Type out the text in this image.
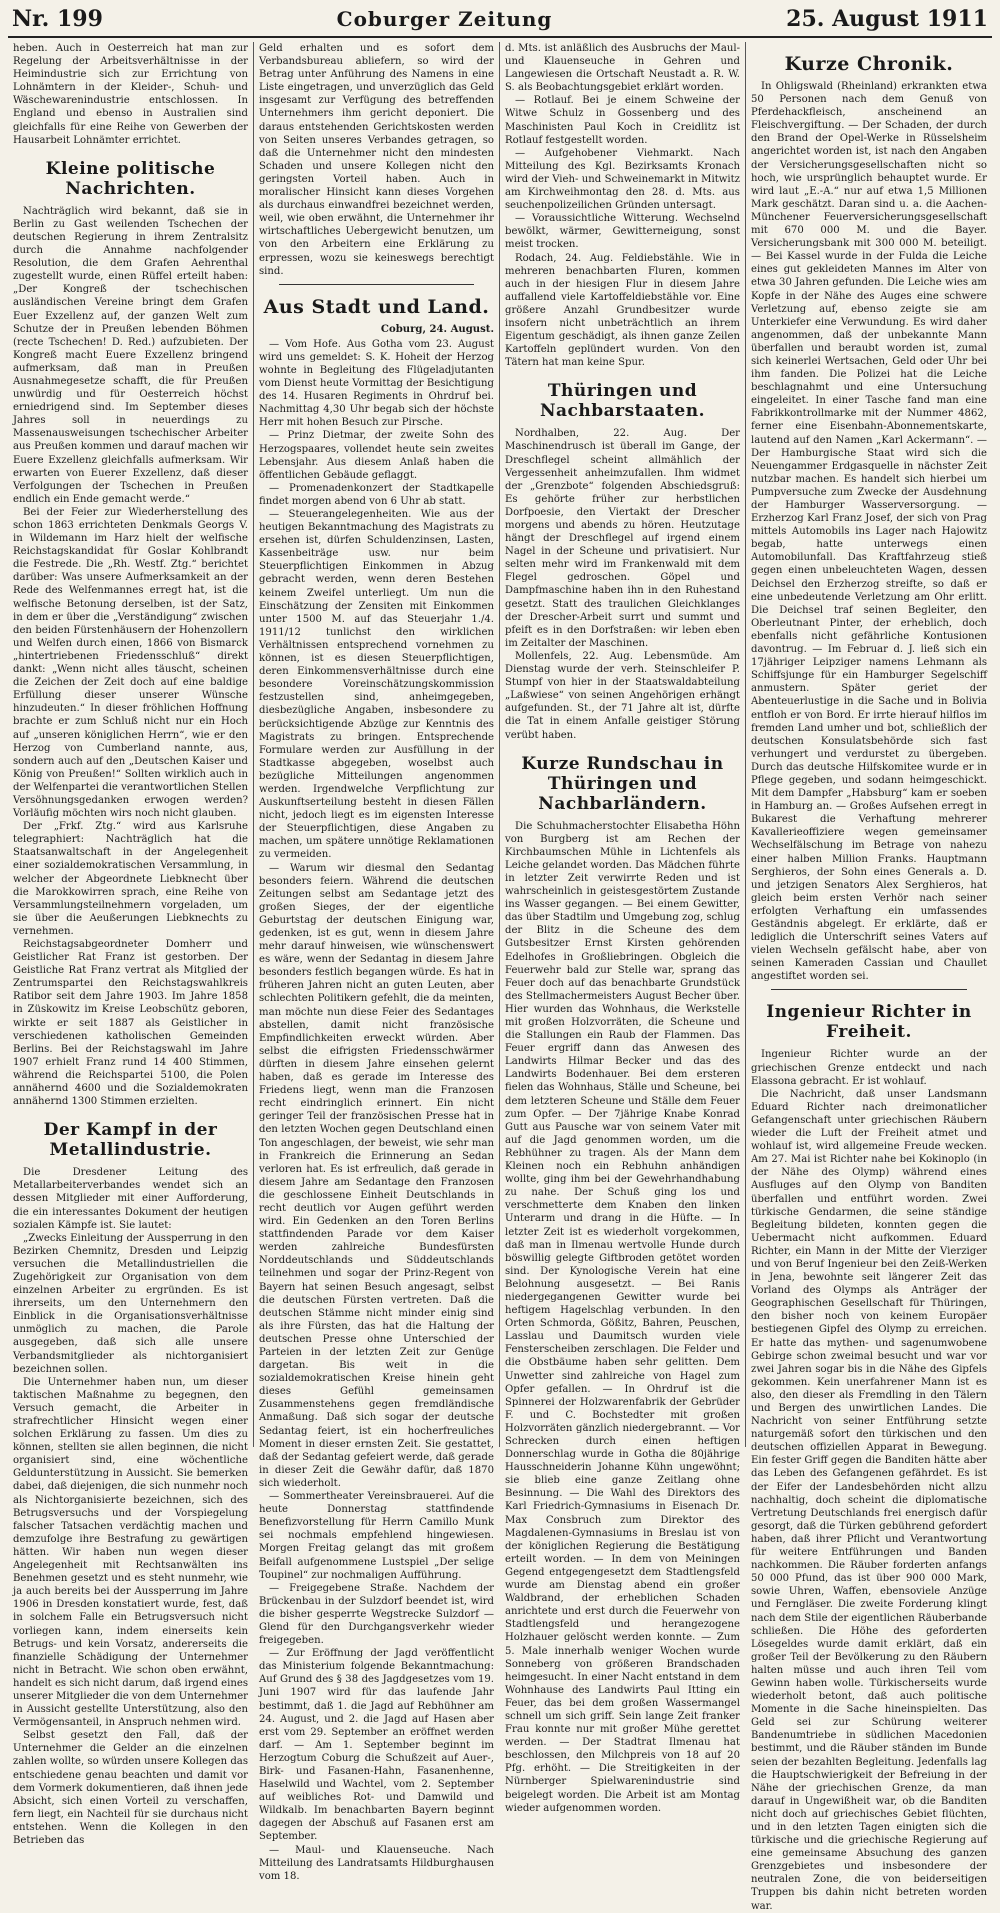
Nr. 199	Coburger Zeitung	25. August 1911

heben. Auch in Oesterreich hat man zur Regelung der Arbeitsverhältnisse in der Heimindustrie sich zur Errichtung von Lohnämtern in der Kleider-, Schuh- und Wäschewarenindustrie entschlossen. In England und ebenso in Australien sind gleichfalls für eine Reihe von Gewerben der Hausarbeit Lohnämter errichtet.

Kleine politische Nachrichten.

Nachträglich wird bekannt, daß sie in Berlin zu Gast weilenden Tschechen der deutschen Regierung in ihrem Zentralsitz durch die Annahme nachfolgender Resolution, die dem Grafen Aehrenthal zugestellt wurde, einen Rüffel erteilt haben: „Der Kongreß der tschechischen ausländischen Vereine bringt dem Grafen Euer Exzellenz auf, der ganzen Welt zum Schutze der in Preußen lebenden Böhmen (recte Tschechen! D. Red.) aufzubieten. Der Kongreß macht Euere Exzellenz bringend aufmerksam, daß man in Preußen Ausnahmegesetze schafft, die für Preußen unwürdig und für Oesterreich höchst erniedrigend sind. Im September dieses Jahres soll in neuerdings zu Massenausweisungen tschechischer Arbeiter aus Preußen kommen und darauf machen wir Euere Exzellenz gleichfalls aufmerksam. Wir erwarten von Euerer Exzellenz, daß dieser Verfolgungen der Tschechen in Preußen endlich ein Ende gemacht werde.“

Bei der Feier zur Wiederherstellung des schon 1863 errichteten Denkmals Georgs V. in Wildemann im Harz hielt der welfische Reichstagskandidat für Goslar Kohlbrandt die Festrede. Die „Rh. Westf. Ztg.“ berichtet darüber: Was unsere Aufmerksamkeit an der Rede des Welfenmannes erregt hat, ist die welfische Betonung derselben, ist der Satz, in dem er über die „Verständigung“ zwischen den beiden Fürstenhäusern der Hohenzollern und Welfen durch einen, 1866 von Bismarck „hintertriebenen Friedensschluß“ direkt dankt: „Wenn nicht alles täuscht, scheinen die Zeichen der Zeit doch auf eine baldige Erfüllung dieser unserer Wünsche hinzudeuten.“ In dieser fröhlichen Hoffnung brachte er zum Schluß nicht nur ein Hoch auf „unseren königlichen Herrn“, wie er den Herzog von Cumberland nannte, aus, sondern auch auf den „Deutschen Kaiser und König von Preußen!“ Sollten wirklich auch in der Welfenpartei die verantwortlichen Stellen Versöhnungsgedanken erwogen werden? Vorläufig möchten wirs noch nicht glauben.

Der „Frkf. Ztg.“ wird aus Karlsruhe telegraphiert: Nachträglich hat die Staatsanwaltschaft in der Angelegenheit einer sozialdemokratischen Versammlung, in welcher der Abgeordnete Liebknecht über die Marokkowirren sprach, eine Reihe von Versammlungsteilnehmern vorgeladen, um sie über die Aeußerungen Liebknechts zu vernehmen.

Reichstagsabgeordneter Domherr und Geistlicher Rat Franz ist gestorben. Der Geistliche Rat Franz vertrat als Mitglied der Zentrumspartei den Reichstagswahlkreis Ratibor seit dem Jahre 1903. Im Jahre 1858 in Züskowitz im Kreise Leobschütz geboren, wirkte er seit 1887 als Geistlicher in verschiedenen katholischen Gemeinden Berlins. Bei der Reichstagswahl im Jahre 1907 erhielt Franz rund 14 400 Stimmen, während die Reichspartei 5100, die Polen annähernd 4600 und die Sozialdemokraten annähernd 1300 Stimmen erzielten.

Der Kampf in der Metallindustrie.

Die Dresdener Leitung des Metallarbeiterverbandes wendet sich an dessen Mitglieder mit einer Aufforderung, die ein interessantes Dokument der heutigen sozialen Kämpfe ist. Sie lautet:

„Zwecks Einleitung der Aussperrung in den Bezirken Chemnitz, Dresden und Leipzig versuchen die Metallindustriellen die Zugehörigkeit zur Organisation von dem einzelnen Arbeiter zu ergründen. Es ist ihrerseits, um den Unternehmern den Einblick in die Organisationsverhältnisse unmöglich zu machen, die Parole ausgegeben, daß sich alle unsere Verbandsmitglieder als nichtorganisiert bezeichnen sollen.

Die Unternehmer haben nun, um dieser taktischen Maßnahme zu begegnen, den Versuch gemacht, die Arbeiter in strafrechtlicher Hinsicht wegen einer solchen Erklärung zu fassen. Um dies zu können, stellten sie allen beginnen, die nicht organisiert sind, eine wöchentliche Geldunterstützung in Aussicht. Sie bemerken dabei, daß diejenigen, die sich nunmehr noch als Nichtorganisierte bezeichnen, sich des Betrugsversuchs und der Vorspiegelung falscher Tatsachen verdächtig machen und demzufolge ihre Bestrafung zu gewärtigen hätten. Wir haben nun wegen dieser Angelegenheit mit Rechtsanwälten ins Benehmen gesetzt und es steht nunmehr, wie ja auch bereits bei der Aussperrung im Jahre 1906 in Dresden konstatiert wurde, fest, daß in solchem Falle ein Betrugsversuch nicht vorliegen kann, indem einerseits kein Betrugs- und kein Vorsatz, andererseits die finanzielle Schädigung der Unternehmer nicht in Betracht. Wie schon oben erwähnt, handelt es sich nicht darum, daß irgend eines unserer Mitglieder die von dem Unternehmer in Aussicht gestellte Unterstützung, also den Vermögensanteil, in Anspruch nehmen wird.

Selbst gesetzt den Fall, daß der Unternehmer die Gelder an die einzelnen zahlen wollte, so würden unsere Kollegen das entschiedene genau beachten und damit vor dem Vormerk dokumentieren, daß ihnen jede Absicht, sich einen Vorteil zu verschaffen, fern liegt, ein Nachteil für sie durchaus nicht entstehen. Wenn die Kollegen in den Betrieben das

Geld erhalten und es sofort dem Verbandsbureau abliefern, so wird der Betrag unter Anführung des Namens in eine Liste eingetragen, und unverzüglich das Geld insgesamt zur Verfügung des betreffenden Unternehmers ihm gericht deponiert. Die daraus entstehenden Gerichtskosten werden von Seiten unseres Verbandes getragen, so daß die Unternehmer nicht den mindesten Schaden und unsere Kollegen nicht den geringsten Vorteil haben. Auch in moralischer Hinsicht kann dieses Vorgehen als durchaus einwandfrei bezeichnet werden, weil, wie oben erwähnt, die Unternehmer ihr wirtschaftliches Uebergewicht benutzen, um von den Arbeitern eine Erklärung zu erpressen, wozu sie keineswegs berechtigt sind.

Aus Stadt und Land.
Coburg, 24. August.

— Vom Hofe. Aus Gotha vom 23. August wird uns gemeldet: S. K. Hoheit der Herzog wohnte in Begleitung des Flügeladjutanten vom Dienst heute Vormittag der Besichtigung des 14. Husaren Regiments in Ohrdruf bei. Nachmittag 4,30 Uhr begab sich der höchste Herr mit hohen Besuch zur Pirsche.

— Prinz Dietmar, der zweite Sohn des Herzogspaares, vollendet heute sein zweites Lebensjahr. Aus diesem Anlaß haben die öffentlichen Gebäude geflaggt.

— Promenadenkonzert der Stadtkapelle findet morgen abend von 6 Uhr ab statt.

— Steuerangelegenheiten. Wie aus der heutigen Bekanntmachung des Magistrats zu ersehen ist, dürfen Schuldenzinsen, Lasten, Kassenbeiträge usw. nur beim Steuerpflichtigen Einkommen in Abzug gebracht werden, wenn deren Bestehen keinem Zweifel unterliegt. Um nun die Einschätzung der Zensiten mit Einkommen unter 1500 M. auf das Steuerjahr 1./4. 1911/12 tunlichst den wirklichen Verhältnissen entsprechend vornehmen zu können, ist es diesen Steuerpflichtigen, deren Einkommensverhältnisse durch eine besondere Voreinschätzungskommission festzustellen sind, anheimgegeben, diesbezügliche Angaben, insbesondere zu berücksichtigende Abzüge zur Kenntnis des Magistrats zu bringen. Entsprechende Formulare werden zur Ausfüllung in der Stadtkasse abgegeben, woselbst auch bezügliche Mitteilungen angenommen werden. Irgendwelche Verpflichtung zur Auskunftserteilung besteht in diesen Fällen nicht, jedoch liegt es im eigensten Interesse der Steuerpflichtigen, diese Angaben zu machen, um spätere unnötige Reklamationen zu vermeiden.

— Warum wir diesmal den Sedantag besonders feiern. Während die deutschen Zeitungen selbst am Sedantage jetzt des großen Sieges, der der eigentliche Geburtstag der deutschen Einigung war, gedenken, ist es gut, wenn in diesem Jahre mehr darauf hinweisen, wie wünschenswert es wäre, wenn der Sedantag in diesem Jahre besonders festlich begangen würde. Es hat in früheren Jahren nicht an guten Leuten, aber schlechten Politikern gefehlt, die da meinten, man möchte nun diese Feier des Sedantages abstellen, damit nicht französische Empfindlichkeiten erweckt würden. Aber selbst die eifrigsten Friedensschwärmer dürften in diesem Jahre einsehen gelernt haben, daß es gerade im Interesse des Friedens liegt, wenn man die Franzosen recht eindringlich erinnert. Ein nicht geringer Teil der französischen Presse hat in den letzten Wochen gegen Deutschland einen Ton angeschlagen, der beweist, wie sehr man in Frankreich die Erinnerung an Sedan verloren hat. Es ist erfreulich, daß gerade in diesem Jahre am Sedantage den Franzosen die geschlossene Einheit Deutschlands in recht deutlich vor Augen geführt werden wird. Ein Gedenken an den Toren Berlins stattfindenden Parade vor dem Kaiser werden zahlreiche Bundesfürsten Norddeutschlands und Süddeutschlands teilnehmen und sogar der Prinz-Regent von Bayern hat seinen Besuch angesagt, selbst die deutschen Fürsten vertreten. Daß die deutschen Stämme nicht minder einig sind als ihre Fürsten, das hat die Haltung der deutschen Presse ohne Unterschied der Parteien in der letzten Zeit zur Genüge dargetan. Bis weit in die sozialdemokratischen Kreise hinein geht dieses Gefühl gemeinsamen Zusammenstehens gegen fremdländische Anmaßung. Daß sich sogar der deutsche Sedantag feiert, ist ein hocherfreuliches Moment in dieser ernsten Zeit. Sie gestattet, daß der Sedantag gefeiert werde, daß gerade in dieser Zeit die Gewähr dafür, daß 1870 sich wiederholt.

— Sommertheater Vereinsbrauerei. Auf die heute Donnerstag stattfindende Benefizvorstellung für Herrn Camillo Munk sei nochmals empfehlend hingewiesen. Morgen Freitag gelangt das mit großem Beifall aufgenommene Lustspiel „Der selige Toupinel“ zur nochmaligen Aufführung.

— Freigegebene Straße. Nachdem der Brückenbau in der Sulzdorf beendet ist, wird die bisher gesperrte Wegstrecke Sulzdorf — Glend für den Durchgangsverkehr wieder freigegeben.

— Zur Eröffnung der Jagd veröffentlicht das Ministerium folgende Bekanntmachung: Auf Grund des § 38 des Jagdgesetzes vom 19. Juni 1907 wird für das laufende Jahr bestimmt, daß 1. die Jagd auf Rebhühner am 24. August, und 2. die Jagd auf Hasen aber erst vom 29. September an eröffnet werden darf. — Am 1. September beginnt im Herzogtum Coburg die Schußzeit auf Auer-, Birk- und Fasanen-Hahn, Fasanenhenne, Haselwild und Wachtel, vom 2. September auf weibliches Rot- und Damwild und Wildkalb. Im benachbarten Bayern beginnt dagegen der Abschuß auf Fasanen erst am September.

— Maul- und Klauenseuche. Nach Mitteilung des Landratsamts Hildburghausen vom 18.

d. Mts. ist anläßlich des Ausbruchs der Maul- und Klauenseuche in Gehren und Langewiesen die Ortschaft Neustadt a. R. W. S. als Beobachtungsgebiet erklärt worden.

— Rotlauf. Bei je einem Schweine der Witwe Schulz in Gossenberg und des Maschinisten Paul Koch in Creidlitz ist Rotlauf festgestellt worden.

— Aufgehobener Viehmarkt. Nach Mitteilung des Kgl. Bezirksamts Kronach wird der Vieh- und Schweinemarkt in Mitwitz am Kirchweihmontag den 28. d. Mts. aus seuchenpolizeilichen Gründen untersagt.

— Voraussichtliche Witterung. Wechselnd bewölkt, wärmer, Gewitterneigung, sonst meist trocken.

Rodach, 24. Aug. Feldiebstähle. Wie in mehreren benachbarten Fluren, kommen auch in der hiesigen Flur in diesem Jahre auffallend viele Kartoffeldiebstähle vor. Eine größere Anzahl Grundbesitzer wurde insofern nicht unbeträchtlich an ihrem Eigentum geschädigt, als ihnen ganze Zeilen Kartoffeln geplündert wurden. Von den Tätern hat man keine Spur.

Thüringen und Nachbarstaaten.

Nordhalben, 22. Aug. Der Maschinendrusch ist überall im Gange, der Dreschflegel scheint allmählich der Vergessenheit anheimzufallen. Ihm widmet der „Grenzbote“ folgenden Abschiedsgruß: Es gehörte früher zur herbstlichen Dorfpoesie, den Viertakt der Drescher morgens und abends zu hören. Heutzutage hängt der Dreschflegel auf irgend einem Nagel in der Scheune und privatisiert. Nur selten mehr wird im Frankenwald mit dem Flegel gedroschen. Göpel und Dampfmaschine haben ihn in den Ruhestand gesetzt. Statt des traulichen Gleichklanges der Drescher-Arbeit surrt und summt und pfeift es in den Dorfstraßen: wir leben eben im Zeitalter der Maschinen.

Mollenfels, 22. Aug. Lebensmüde. Am Dienstag wurde der verh. Steinschleifer P. Stumpf von hier in der Staatswaldabteilung „Laßwiese“ von seinen Angehörigen erhängt aufgefunden. St., der 71 Jahre alt ist, dürfte die Tat in einem Anfalle geistiger Störung verübt haben.

Kurze Rundschau in Thüringen und Nachbarländern.

Die Schuhmacherstochter Elisabetha Höhn von Burgberg ist am Rechen der Kirchbaumschen Mühle in Lichtenfels als Leiche gelandet worden. Das Mädchen führte in letzter Zeit verwirrte Reden und ist wahrscheinlich in geistesgestörtem Zustande ins Wasser gegangen. — Bei einem Gewitter, das über Stadtilm und Umgebung zog, schlug der Blitz in die Scheune des dem Gutsbesitzer Ernst Kirsten gehörenden Edelhofes in Großliebringen. Obgleich die Feuerwehr bald zur Stelle war, sprang das Feuer doch auf das benachbarte Grundstück des Stellmachermeisters August Becher über. Hier wurden das Wohnhaus, die Werkstelle mit großen Holzvorräten, die Scheune und die Stallungen ein Raub der Flammen. Das Feuer ergriff dann das Anwesen des Landwirts Hilmar Becker und das des Landwirts Bodenhauer. Bei dem ersteren fielen das Wohnhaus, Ställe und Scheune, bei dem letzteren Scheune und Ställe dem Feuer zum Opfer. — Der 7jährige Knabe Konrad Gutt aus Pausche war von seinem Vater mit auf die Jagd genommen worden, um die Rebhühner zu tragen. Als der Mann dem Kleinen noch ein Rebhuhn anhändigen wollte, ging ihm bei der Gewehrhandhabung zu nahe. Der Schuß ging los und verschmetterte dem Knaben den linken Unterarm und drang in die Hüfte. — In letzter Zeit ist es wiederholt vorgekommen, daß man in Ilmenau wertvolle Hunde durch böswillig gelegte Giftbroden getötet worden sind. Der Kynologische Verein hat eine Belohnung ausgesetzt. — Bei Ranis niedergegangenen Gewitter wurde bei heftigem Hagelschlag verbunden. In den Orten Schmorda, Gößitz, Bahren, Peuschen, Lasslau und Daumitsch wurden viele Fensterscheiben zerschlagen. Die Felder und die Obstbäume haben sehr gelitten. Dem Unwetter sind zahlreiche von Hagel zum Opfer gefallen. — In Ohrdruf ist die Spinnerei der Holzwarenfabrik der Gebrüder F. und C. Bochstedter mit großen Holzvorräten gänzlich niedergebrannt. — Vor Schrecken durch einen heftigen Donnerschlag wurde in Gotha die 80jährige Hausschneiderin Johanne Kühn ungewöhnt; sie blieb eine ganze Zeitlang ohne Besinnung. — Die Wahl des Direktors des Karl Friedrich-Gymnasiums in Eisenach Dr. Max Consbruch zum Direktor des Magdalenen-Gymnasiums in Breslau ist von der königlichen Regierung die Bestätigung erteilt worden. — In dem von Meiningen Gegend entgegengesetzt dem Stadtlengsfeld wurde am Dienstag abend ein großer Waldbrand, der erheblichen Schaden anrichtete und erst durch die Feuerwehr von Stadtlengsfeld und herangezogene Holzhauer gelöscht werden konnte. — Zum 5. Male innerhalb weniger Wochen wurde Sonneberg von größeren Brandschaden heimgesucht. In einer Nacht entstand in dem Wohnhause des Landwirts Paul Itting ein Feuer, das bei dem großen Wassermangel schnell um sich griff. Sein lange Zeit franker Frau konnte nur mit großer Mühe gerettet werden. — Der Stadtrat Ilmenau hat beschlossen, den Milchpreis von 18 auf 20 Pfg. erhöht. — Die Streitigkeiten in der Nürnberger Spielwarenindustrie sind beigelegt worden. Die Arbeit ist am Montag wieder aufgenommen worden.

Kurze Chronik.

In Ohligswald (Rheinland) erkrankten etwa 50 Personen nach dem Genuß von Pferdehackfleisch, anscheinend an Fleischvergiftung. — Der Schaden, der durch den Brand der Opel-Werke in Rüsselsheim angerichtet worden ist, ist nach den Angaben der Versicherungsgesellschaften nicht so hoch, wie ursprünglich behauptet wurde. Er wird laut „E.-A.“ nur auf etwa 1,5 Millionen Mark geschätzt. Daran sind u. a. die Aachen-Münchener Feuerversicherungsgesellschaft mit 670 000 M. und die Bayer. Versicherungsbank mit 300 000 M. beteiligt. — Bei Kassel wurde in der Fulda die Leiche eines gut gekleideten Mannes im Alter von etwa 30 Jahren gefunden. Die Leiche wies am Kopfe in der Nähe des Auges eine schwere Verletzung auf, ebenso zeigte sie am Unterkiefer eine Verwundung. Es wird daher angenommen, daß der unbekannte Mann überfallen und beraubt worden ist, zumal sich keinerlei Wertsachen, Geld oder Uhr bei ihm fanden. Die Polizei hat die Leiche beschlagnahmt und eine Untersuchung eingeleitet. In einer Tasche fand man eine Fabrikkontrollmarke mit der Nummer 4862, ferner eine Eisenbahn-Abonnementskarte, lautend auf den Namen „Karl Ackermann“. — Der Hamburgische Staat wird sich die Neuengammer Erdgasquelle in nächster Zeit nutzbar machen. Es handelt sich hierbei um Pumpversuche zum Zwecke der Ausdehnung der Hamburger Wasserversorgung. — Erzherzog Karl Franz Josef, der sich von Prag mittels Automobils ins Lager nach Hajowitz begab, hatte unterwegs einen Automobilunfall. Das Kraftfahrzeug stieß gegen einen unbeleuchteten Wagen, dessen Deichsel den Erzherzog streifte, so daß er eine unbedeutende Verletzung am Ohr erlitt. Die Deichsel traf seinen Begleiter, den Oberleutnant Pinter, der erheblich, doch ebenfalls nicht gefährliche Kontusionen davontrug. — Im Februar d. J. ließ sich ein 17jähriger Leipziger namens Lehmann als Schiffsjunge für ein Hamburger Segelschiff anmustern. Später geriet der Abenteuerlustige in die Sache und in Bolivia entfloh er von Bord. Er irrte hierauf hilflos im fremden Land umher und bot, schließlich der deutschen Konsulatsbehörde sich fast verhungert und verdurstet zu übergeben. Durch das deutsche Hilfskomitee wurde er in Pflege gegeben, und sodann heimgeschickt. Mit dem Dampfer „Habsburg“ kam er soeben in Hamburg an. — Großes Aufsehen erregt in Bukarest die Verhaftung mehrerer Kavallerieoffiziere wegen gemeinsamer Wechselfälschung im Betrage von nahezu einer halben Million Franks. Hauptmann Serghieros, der Sohn eines Generals a. D. und jetzigen Senators Alex Serghieros, hat gleich beim ersten Verhör nach seiner erfolgten Verhaftung ein umfassendes Geständnis abgelegt. Er erklärte, daß er lediglich die Unterschrift seines Vaters auf vielen Wechseln gefälscht habe, aber von seinen Kameraden Cassian und Chaullet angestiftet worden sei.

Ingenieur Richter in Freiheit.

Ingenieur Richter wurde an der griechischen Grenze entdeckt und nach Elassona gebracht. Er ist wohlauf.

Die Nachricht, daß unser Landsmann Eduard Richter nach dreimonatlicher Gefangenschaft unter griechischen Räubern wieder die Luft der Freiheit atmet und wohlauf ist, wird allgemeine Freude wecken. Am 27. Mai ist Richter nahe bei Kokinoplo (in der Nähe des Olymp) während eines Ausfluges auf den Olymp von Banditen überfallen und entführt worden. Zwei türkische Gendarmen, die seine ständige Begleitung bildeten, konnten gegen die Uebermacht nicht aufkommen. Eduard Richter, ein Mann in der Mitte der Vierziger und von Beruf Ingenieur bei den Zeiß-Werken in Jena, bewohnte seit längerer Zeit das Vorland des Olymps als Anträger der Geographischen Gesellschaft für Thüringen, den bisher noch von keinem Europäer bestiegenen Gipfel des Olymp zu erreichen. Er hatte das mythen- und sagenumwobene Gebirge schon zweimal besucht und war vor zwei Jahren sogar bis in die Nähe des Gipfels gekommen. Kein unerfahrener Mann ist es also, den dieser als Fremdling in den Tälern und Bergen des unwirtlichen Landes. Die Nachricht von seiner Entführung setzte naturgemäß sofort den türkischen und den deutschen offiziellen Apparat in Bewegung. Ein fester Griff gegen die Banditen hätte aber das Leben des Gefangenen gefährdet. Es ist der Eifer der Landesbehörden nicht allzu nachhaltig, doch scheint die diplomatische Vertretung Deutschlands frei energisch dafür gesorgt, daß die Türken gebührend gefordert haben, daß ihrer Pflicht und Verantwortung für weitere Entführungen und Banden nachkommen. Die Räuber forderten anfangs 50 000 Pfund, das ist über 900 000 Mark, sowie Uhren, Waffen, ebensoviele Anzüge und Ferngläser. Die zweite Forderung klingt nach dem Stile der eigentlichen Räuberbande schließen. Die Höhe des geforderten Lösegeldes wurde damit erklärt, daß ein großer Teil der Bevölkerung zu den Räubern halten müsse und auch ihren Teil vom Gewinn haben wolle. Türkischerseits wurde wiederholt betont, daß auch politische Momente in die Sache hineinspielten. Das Geld sei zur Schürung weiterer Bandenumtriebe in südlichen Macedonien bestimmt, und die Räuber ständen im Bunde seien der bezahlten Begleitung. Jedenfalls lag die Hauptschwierigkeit der Befreiung in der Nähe der griechischen Grenze, da man darauf in Ungewißheit war, ob die Banditen nicht doch auf griechisches Gebiet flüchten, und in den letzten Tagen einigten sich die türkische und die griechische Regierung auf eine gemeinsame Absuchung des ganzen Grenzgebietes und insbesondere der neutralen Zone, die von beiderseitigen Truppen bis dahin nicht betreten worden war.
